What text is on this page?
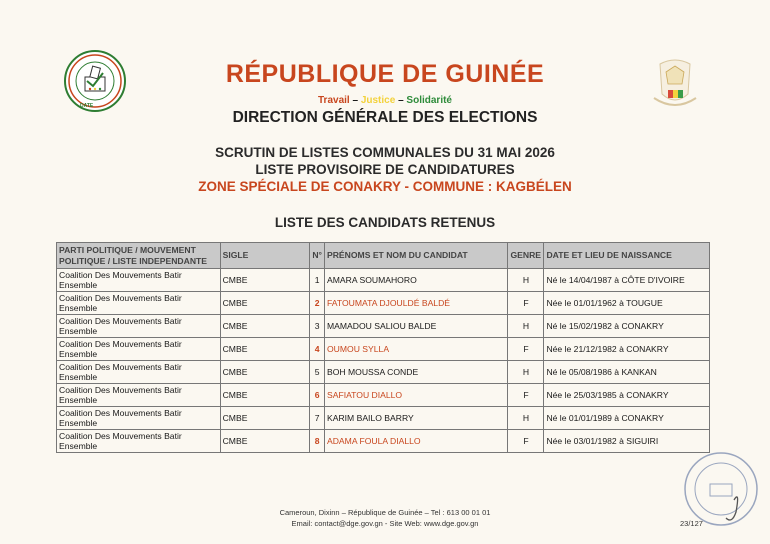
DATE
RÉPUBLIQUE DE GUINÉE
Travail – Justice – Solidarité
DIRECTION GÉNÉRALE DES ELECTIONS
SCRUTIN DE LISTES COMMUNALES DU 31 MAI 2026
LISTE PROVISOIRE DE CANDIDATURES
ZONE SPÉCIALE DE CONAKRY - COMMUNE : KAGBÉLEN
LISTE DES CANDIDATS RETENUS
PARTI POLITIQUE / MOUVEMENT POLITIQUE / LISTE INDEPENDANTE	SIGLE	N°	PRÉNOMS ET NOM DU CANDIDAT	GENRE	DATE ET LIEU DE NAISSANCE
Coalition Des Mouvements Batir Ensemble	CMBE	1	AMARA SOUMAHORO	H	Né le 14/04/1987 à CÔTE D'IVOIRE
Coalition Des Mouvements Batir Ensemble	CMBE	2	FATOUMATA DJOULDÉ BALDÉ	F	Née le 01/01/1962 à TOUGUE
Coalition Des Mouvements Batir Ensemble	CMBE	3	MAMADOU SALIOU BALDE	H	Né le 15/02/1982 à CONAKRY
Coalition Des Mouvements Batir Ensemble	CMBE	4	OUMOU SYLLA	F	Née le 21/12/1982 à CONAKRY
Coalition Des Mouvements Batir Ensemble	CMBE	5	BOH MOUSSA CONDE	H	Né le 05/08/1986 à KANKAN
Coalition Des Mouvements Batir Ensemble	CMBE	6	SAFIATOU DIALLO	F	Née le 25/03/1985 à CONAKRY
Coalition Des Mouvements Batir Ensemble	CMBE	7	KARIM BAILO BARRY	H	Né le 01/01/1989 à CONAKRY
Coalition Des Mouvements Batir Ensemble	CMBE	8	ADAMA FOULA DIALLO	F	Née le 03/01/1982 à SIGUIRI
Cameroun, Dixinn – République de Guinée – Tel : 613 00 01 01
Email: contact@dge.gov.gn - Site Web: www.dge.gov.gn	23/127
